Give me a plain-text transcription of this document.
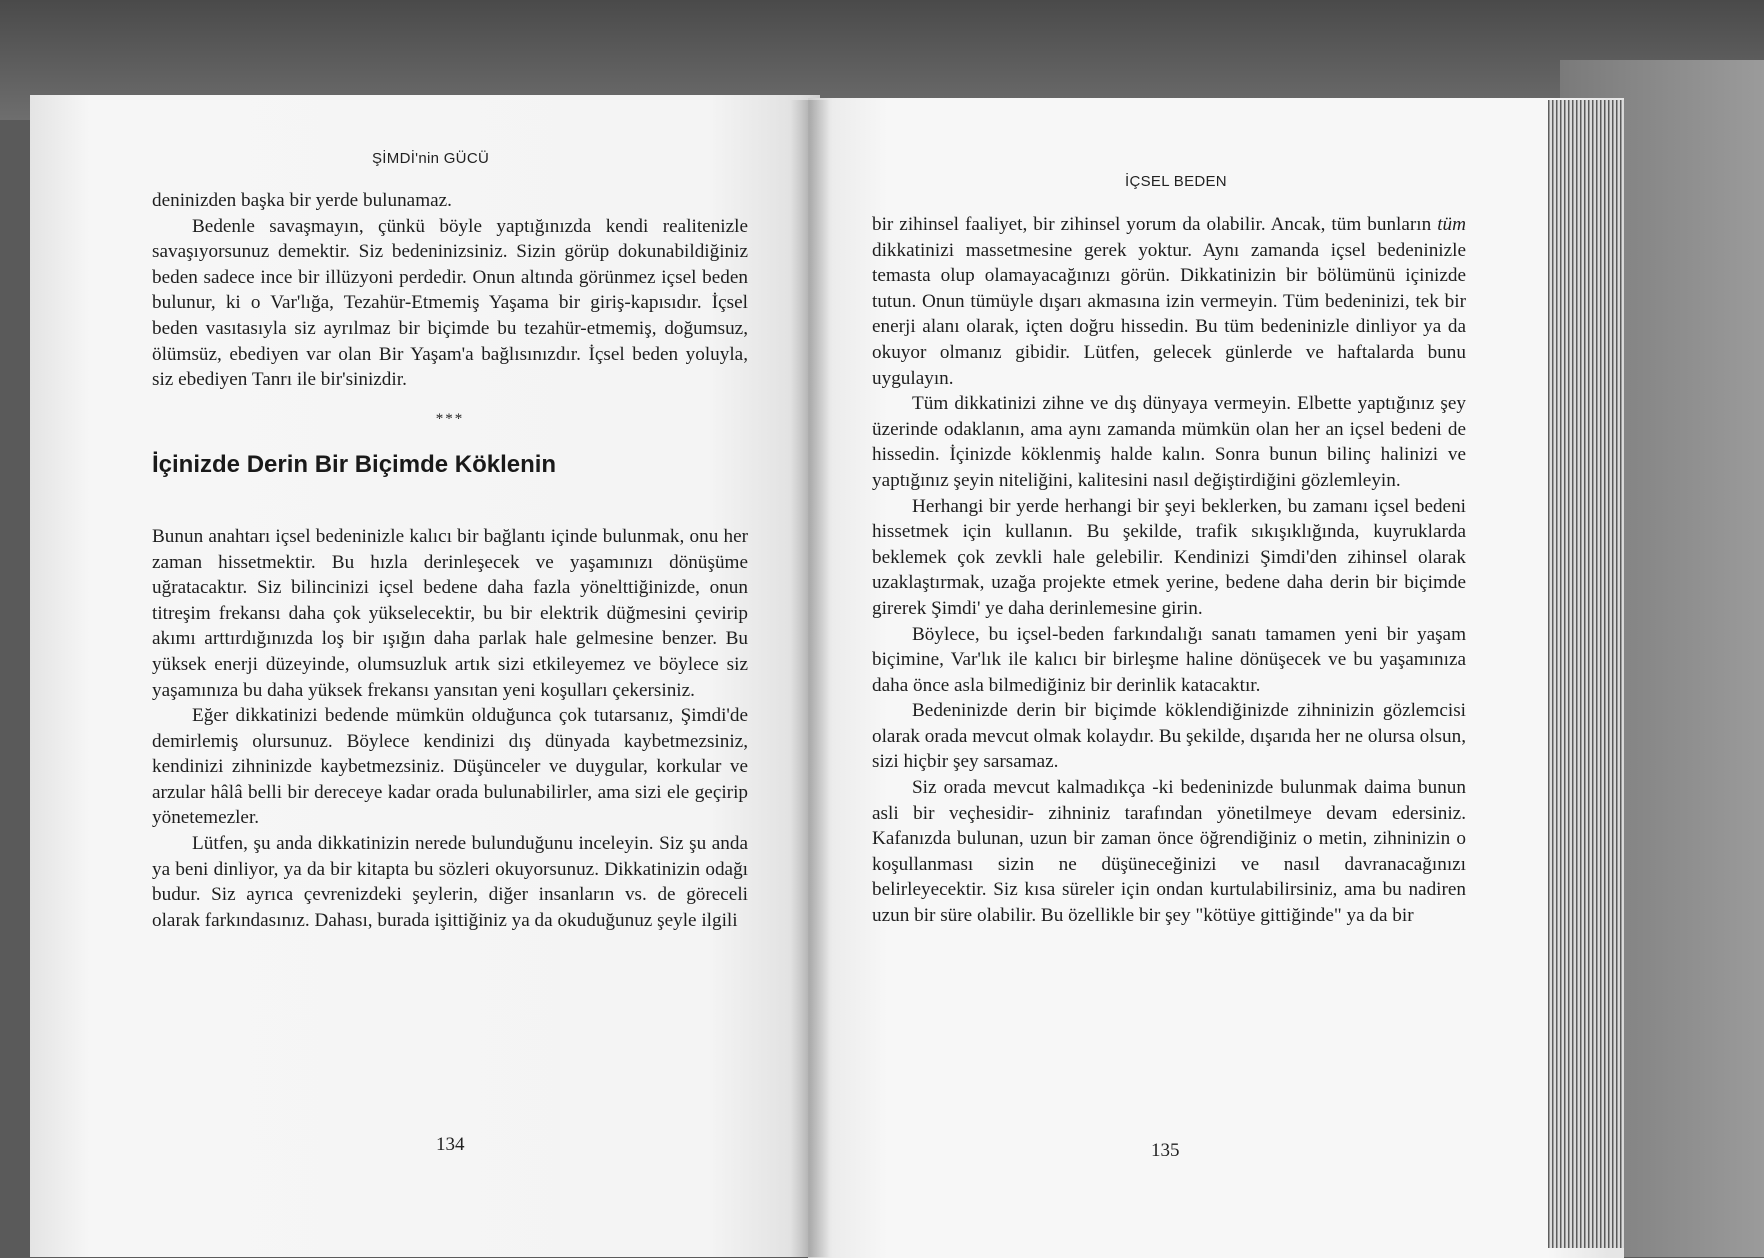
ŞİMDİ'nin GÜCÜ

deninizden başka bir yerde bulunamaz.

Bedenle savaşmayın, çünkü böyle yaptığınızda kendi realitenizle savaşıyorsunuz demektir. Siz bedeninizsiniz. Sizin görüp dokunabildiğiniz beden sadece ince bir illüzyoni perdedir. Onun altında görünmez içsel beden bulunur, ki o Var'lığa, Tezahür-Etmemiş Yaşama bir giriş-kapısıdır. İçsel beden vasıtasıyla siz ayrılmaz bir biçimde bu tezahür-etmemiş, doğumsuz, ölümsüz, ebediyen var olan Bir Yaşam'a bağlısınızdır. İçsel beden yoluyla, siz ebediyen Tanrı ile bir'sinizdir.

***
İçinizde Derin Bir Biçimde Köklenin

Bunun anahtarı içsel bedeninizle kalıcı bir bağlantı içinde bulunmak, onu her zaman hissetmektir. Bu hızla derinleşecek ve yaşamınızı dönüşüme uğratacaktır. Siz bilincinizi içsel bedene daha fazla yönelttiğinizde, onun titreşim frekansı daha çok yükselecektir, bu bir elektrik düğmesini çevirip akımı arttırdığınızda loş bir ışığın daha parlak hale gelmesine benzer. Bu yüksek enerji düzeyinde, olumsuzluk artık sizi etkileyemez ve böylece siz yaşamınıza bu daha yüksek frekansı yansıtan yeni koşulları çekersiniz.

Eğer dikkatinizi bedende mümkün olduğunca çok tutarsanız, Şimdi'de demirlemiş olursunuz. Böylece kendinizi dış dünyada kaybetmezsiniz, kendinizi zihninizde kaybetmezsiniz. Düşünceler ve duygular, korkular ve arzular hâlâ belli bir dereceye kadar orada bulunabilirler, ama sizi ele geçirip yönetemezler.

Lütfen, şu anda dikkatinizin nerede bulunduğunu inceleyin. Siz şu anda ya beni dinliyor, ya da bir kitapta bu sözleri okuyorsunuz. Dikkatinizin odağı budur. Siz ayrıca çevrenizdeki şeylerin, diğer insanların vs. de göreceli olarak farkındasınız. Dahası, burada işittiğiniz ya da okuduğunuz şeyle ilgili

134
İÇSEL BEDEN

bir zihinsel faaliyet, bir zihinsel yorum da olabilir. Ancak, tüm bunların tüm dikkatinizi massetmesine gerek yoktur. Aynı zamanda içsel bedeninizle temasta olup olamayacağınızı görün. Dikkatinizin bir bölümünü içinizde tutun. Onun tümüyle dışarı akmasına izin vermeyin. Tüm bedeninizi, tek bir enerji alanı olarak, içten doğru hissedin. Bu tüm bedeninizle dinliyor ya da okuyor olmanız gibidir. Lütfen, gelecek günlerde ve haftalarda bunu uygulayın.

Tüm dikkatinizi zihne ve dış dünyaya vermeyin. Elbette yaptığınız şey üzerinde odaklanın, ama aynı zamanda mümkün olan her an içsel bedeni de hissedin. İçinizde köklenmiş halde kalın. Sonra bunun bilinç halinizi ve yaptığınız şeyin niteliğini, kalitesini nasıl değiştirdiğini gözlemleyin.

Herhangi bir yerde herhangi bir şeyi beklerken, bu zamanı içsel bedeni hissetmek için kullanın. Bu şekilde, trafik sıkışıklığında, kuyruklarda beklemek çok zevkli hale gelebilir. Kendinizi Şimdi'den zihinsel olarak uzaklaştırmak, uzağa projekte etmek yerine, bedene daha derin bir biçimde girerek Şimdi' ye daha derinlemesine girin.

Böylece, bu içsel-beden farkındalığı sanatı tamamen yeni bir yaşam biçimine, Var'lık ile kalıcı bir birleşme haline dönüşecek ve bu yaşamınıza daha önce asla bilmediğiniz bir derinlik katacaktır.

Bedeninizde derin bir biçimde köklendiğinizde zihninizin gözlemcisi olarak orada mevcut olmak kolaydır. Bu şekilde, dışarıda her ne olursa olsun, sizi hiçbir şey sarsamaz.

Siz orada mevcut kalmadıkça -ki bedeninizde bulunmak daima bunun asli bir veçhesidir- zihniniz tarafından yönetilmeye devam edersiniz. Kafanızda bulunan, uzun bir zaman önce öğrendiğiniz o metin, zihninizin o koşullanması sizin ne düşüneceğinizi ve nasıl davranacağınızı belirleyecektir. Siz kısa süreler için ondan kurtulabilirsiniz, ama bu nadiren uzun bir süre olabilir. Bu özellikle bir şey "kötüye gittiğinde" ya da bir

135
